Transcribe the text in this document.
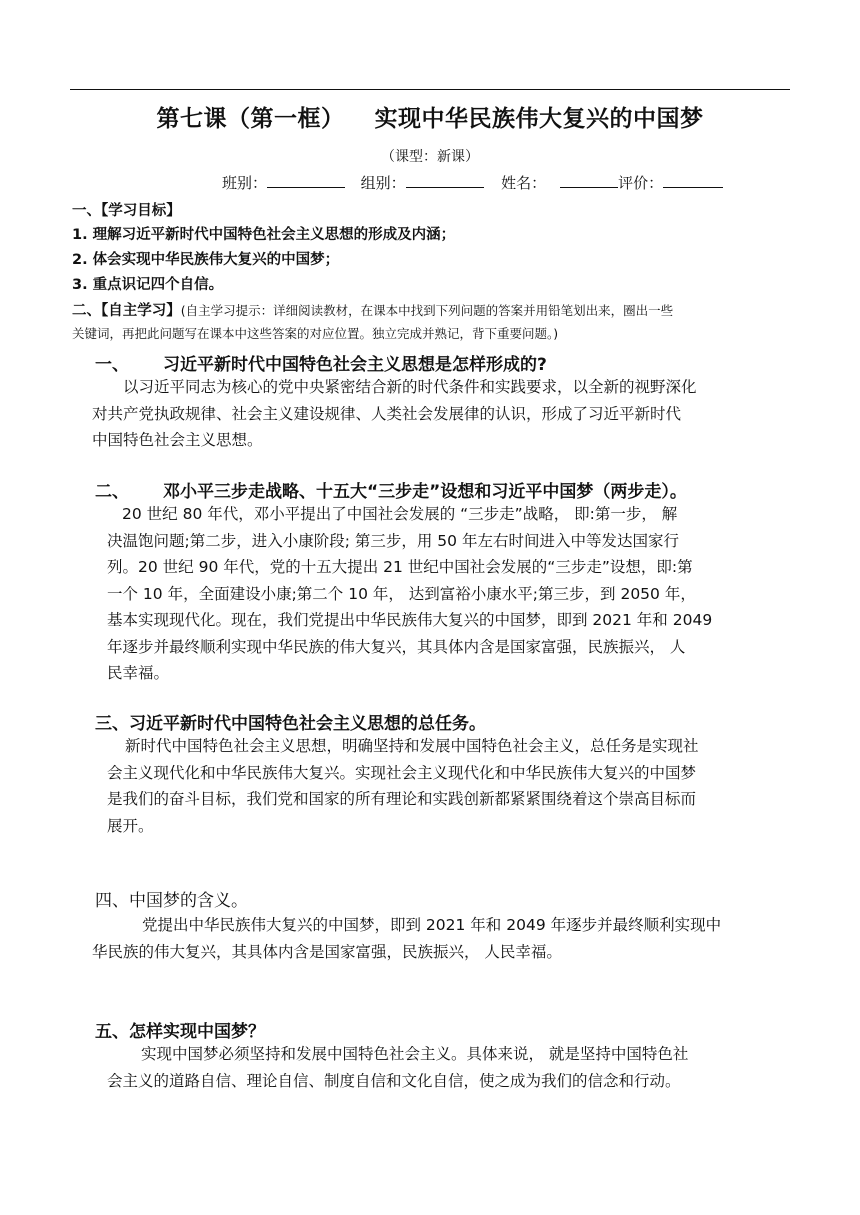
第七课（第一框） 实现中华民族伟大复兴的中国梦
（课型：新课）
班别：	组别：	姓名：	评价：
一、【学习目标】
1. 理解习近平新时代中国特色社会主义思想的形成及内涵；
2. 体会实现中华民族伟大复兴的中国梦；
3. 重点识记四个自信。
二、【自主学习】(自主学习提示：详细阅读教材，在课本中找到下列问题的答案并用铅笔划出来，圈出一些
关键词，再把此问题写在课本中这些答案的对应位置。独立完成并熟记，背下重要问题。)
一、 习近平新时代中国特色社会主义思想是怎样形成的?
以习近平同志为核心的党中央紧密结合新的时代条件和实践要求，以全新的视野深化
对共产党执政规律、社会主义建设规律、人类社会发展律的认识，形成了习近平新时代
中国特色社会主义思想。
二、 邓小平三步走战略、十五大“三步走”设想和习近平中国梦（两步走）。
20 世纪 80 年代，邓小平提出了中国社会发展的 “三步走”战略， 即:第一步， 解
决温饱问题;第二步，进入小康阶段; 第三步，用 50 年左右时间进入中等发达国家行
列。20 世纪 90 年代，党的十五大提出 21 世纪中国社会发展的“三步走”设想，即:第
一个 10 年，全面建设小康;第二个 10 年， 达到富裕小康水平;第三步，到 2050 年，
基本实现现代化。现在，我们党提出中华民族伟大复兴的中国梦，即到 2021 年和 2049
年逐步并最终顺利实现中华民族的伟大复兴，其具体内含是国家富强，民族振兴， 人
民幸福。
三、习近平新时代中国特色社会主义思想的总任务。
新时代中国特色社会主义思想，明确坚持和发展中国特色社会主义，总任务是实现社
会主义现代化和中华民族伟大复兴。实现社会主义现代化和中华民族伟大复兴的中国梦
是我们的奋斗目标，我们党和国家的所有理论和实践创新都紧紧围绕着这个崇高目标而
展开。
四、中国梦的含义。
党提出中华民族伟大复兴的中国梦，即到 2021 年和 2049 年逐步并最终顺利实现中
华民族的伟大复兴，其具体内含是国家富强，民族振兴， 人民幸福。
五、怎样实现中国梦？
实现中国梦必须坚持和发展中国特色社会主义。具体来说， 就是坚持中国特色社
会主义的道路自信、理论自信、制度自信和文化自信，使之成为我们的信念和行动。
